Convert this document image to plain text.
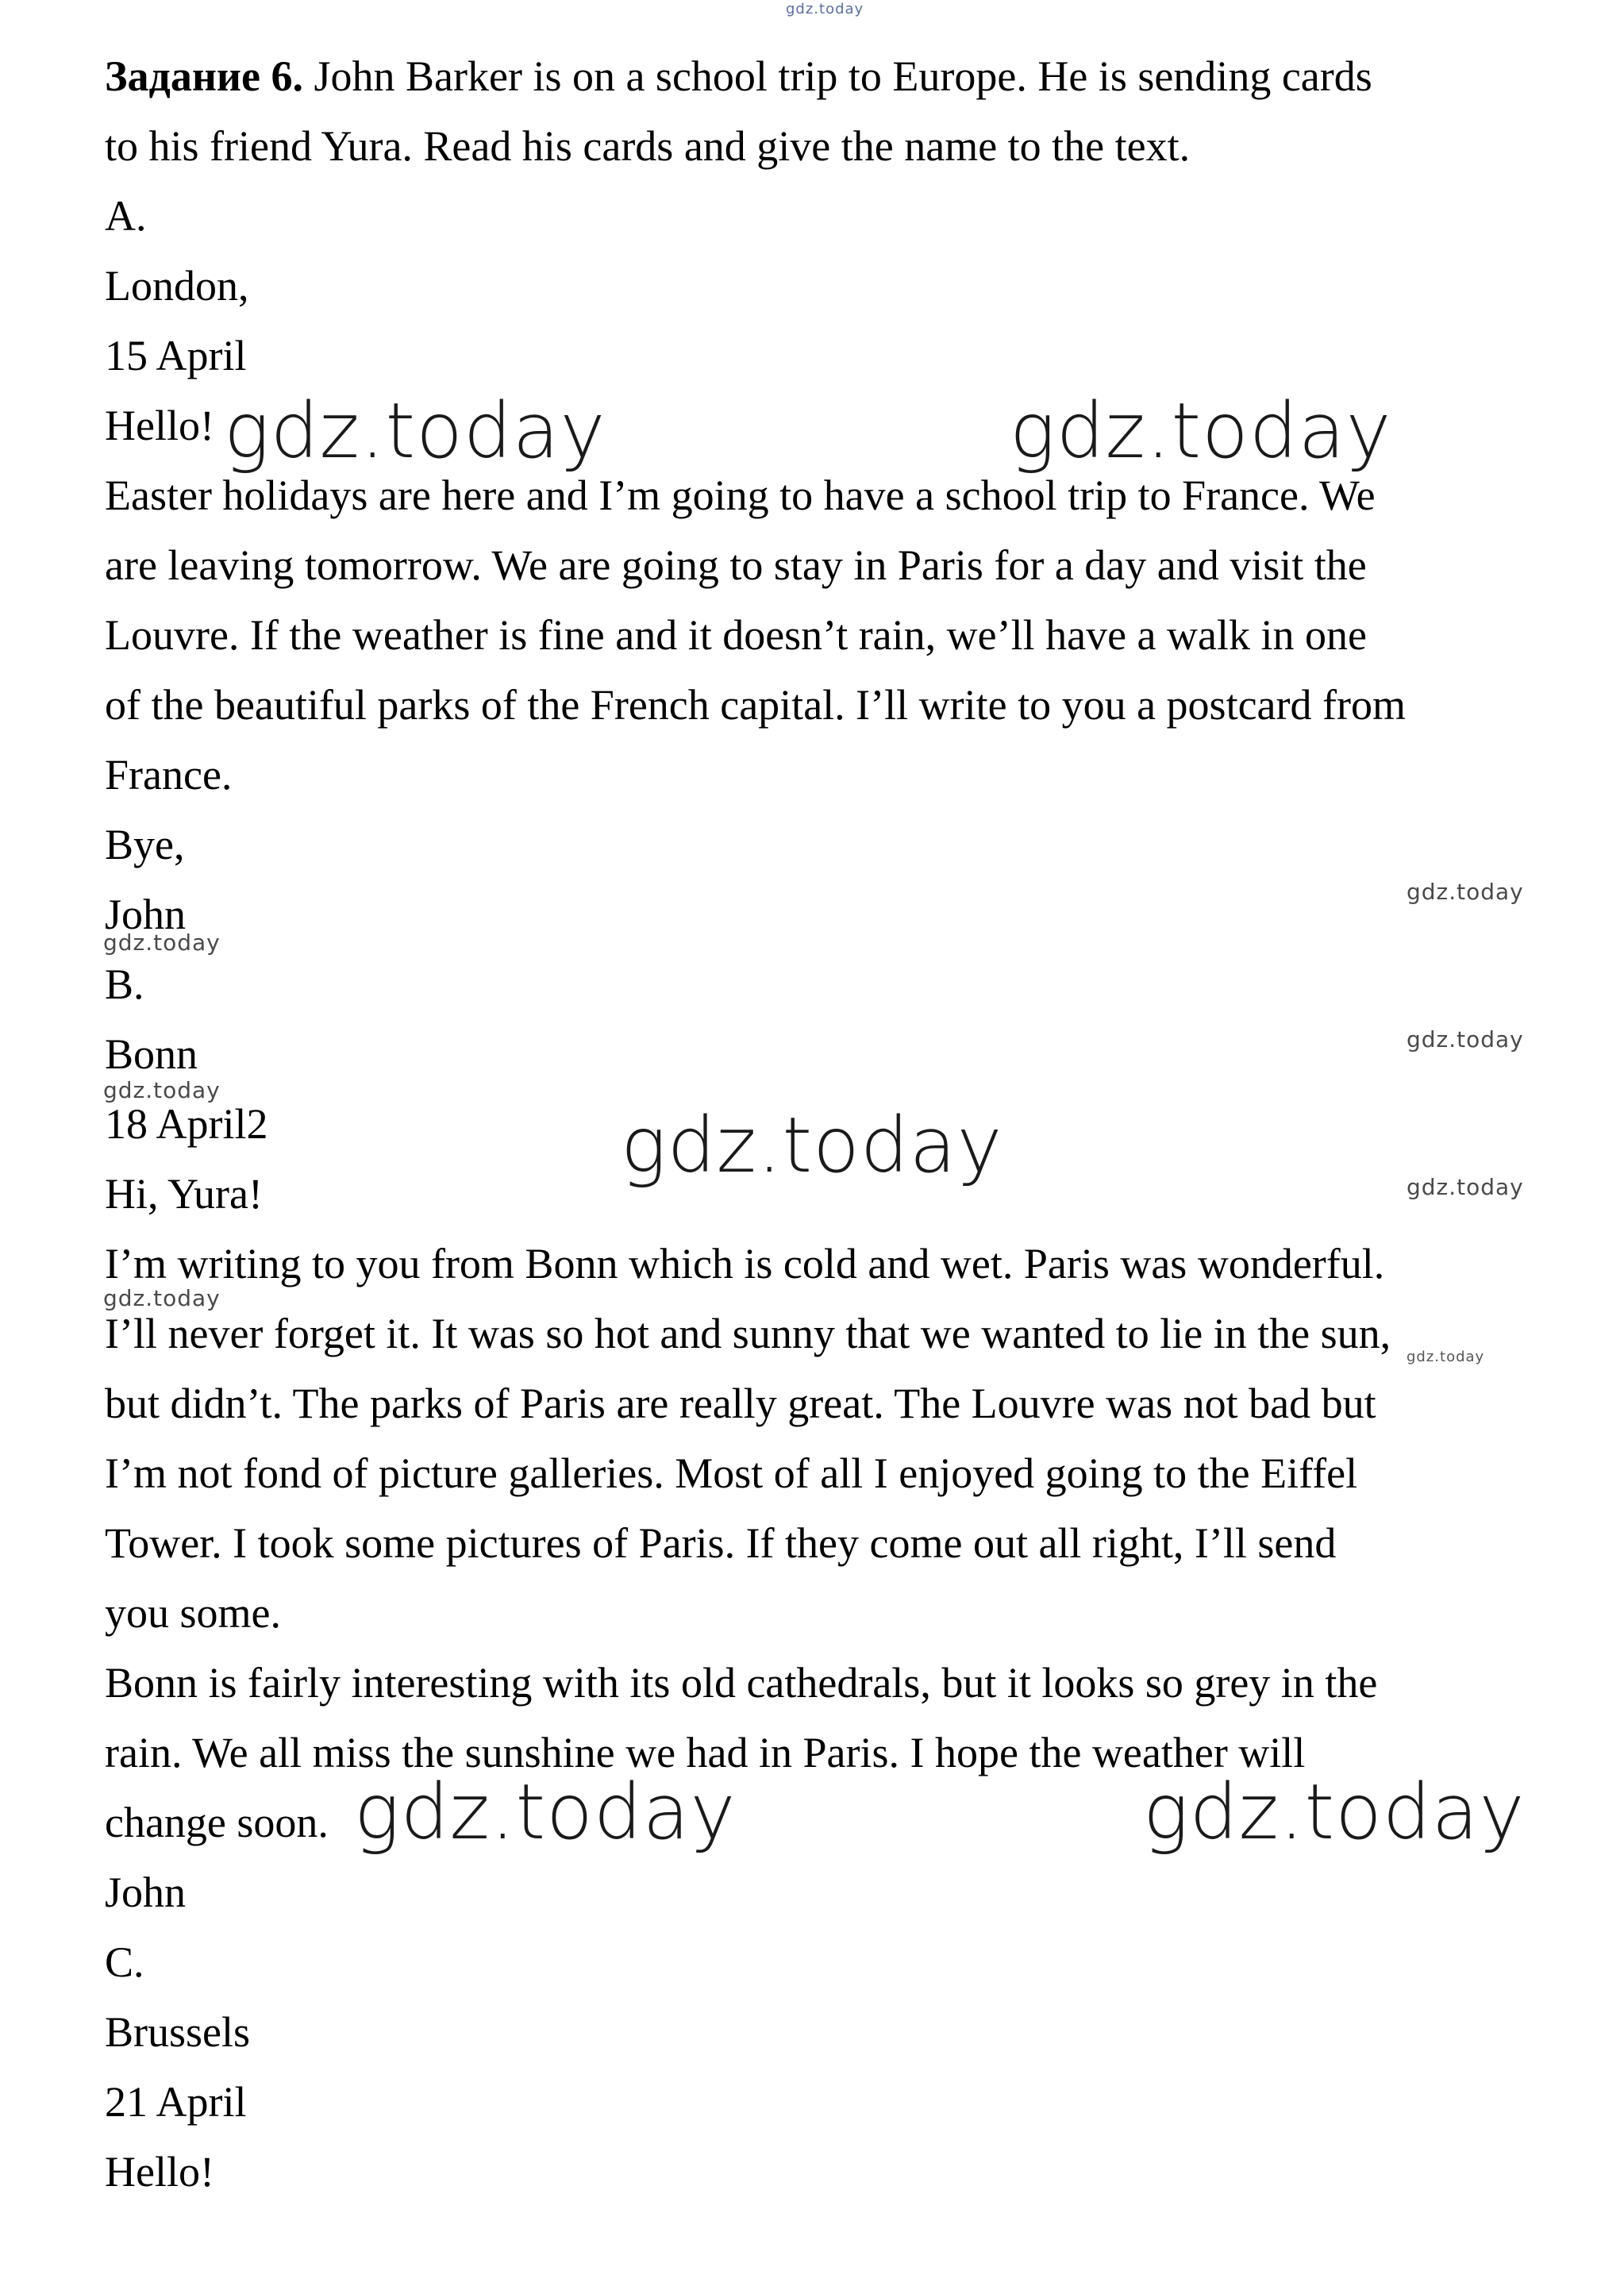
gdz.today

Задание 6. John Barker is on a school trip to Europe. He is sending cards

to his friend Yura. Read his cards and give the name to the text.

A.

London,

15 April

Hello!

Easter holidays are here and I’m going to have a school trip to France. We

are leaving tomorrow. We are going to stay in Paris for a day and visit the

Louvre. If the weather is fine and it doesn’t rain, we’ll have a walk in one

of the beautiful parks of the French capital. I’ll write to you a postcard from

France.

Bye,

John

B.

Bonn

18 April2

Hi, Yura!

I’m writing to you from Bonn which is cold and wet. Paris was wonderful.

I’ll never forget it. It was so hot and sunny that we wanted to lie in the sun,

but didn’t. The parks of Paris are really great. The Louvre was not bad but

I’m not fond of picture galleries. Most of all I enjoyed going to the Eiffel

Tower. I took some pictures of Paris. If they come out all right, I’ll send

you some.

Bonn is fairly interesting with its old cathedrals, but it looks so grey in the

rain. We all miss the sunshine we had in Paris. I hope the weather will

change soon.

John

C.

Brussels

21 April

Hello!

gdz.today	gdz.today
gdz.today
gdz.today	gdz.today
gdz.today
gdz.today
gdz.today
gdz.today
gdz.today
gdz.today
gdz.today
